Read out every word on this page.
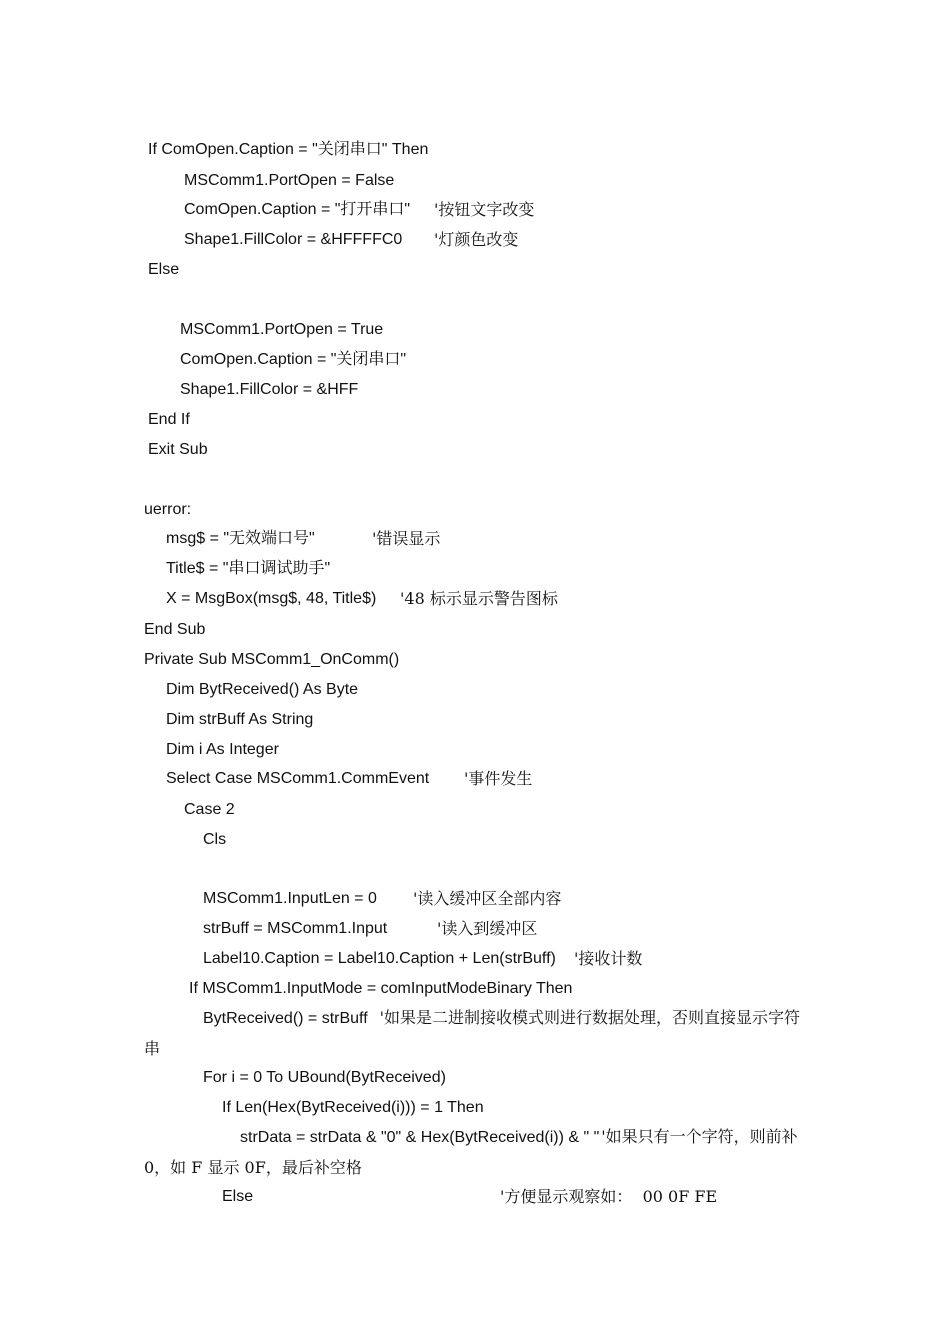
If ComOpen.Caption = "关闭串口" Then
MSComm1.PortOpen = False
ComOpen.Caption = "打开串口" '按钮文字改变
Shape1.FillColor = &HFFFFC0 '灯颜色改变
Else
MSComm1.PortOpen = True
ComOpen.Caption = "关闭串口"
Shape1.FillColor = &HFF
End If
Exit Sub
uerror:
msg$ = "无效端口号"	'错误显示
Title$ = "串口调试助手"
X = MsgBox(msg$, 48, Title$) '48 标示显示警告图标
End Sub
Private Sub MSComm1_OnComm()
Dim BytReceived() As Byte
Dim strBuff As String
Dim i As Integer
Select Case MSComm1.CommEvent '事件发生
Case 2
Cls
MSComm1.InputLen = 0 '读入缓冲区全部内容
strBuff = MSComm1.Input	'读入到缓冲区
Label10.Caption = Label10.Caption + Len(strBuff) '接收计数
If MSComm1.InputMode = comInputModeBinary Then
BytReceived() = strBuff '如果是二进制接收模式则进行数据处理，否则直接显示字符串
For i = 0 To UBound(BytReceived)
If Len(Hex(BytReceived(i))) = 1 Then
strData = strData & "0" & Hex(BytReceived(i)) & " " '如果只有一个字符，则前补 0，如 F 显示 0F，最后补空格
Else	'方便显示观察如：  00 0F FE
